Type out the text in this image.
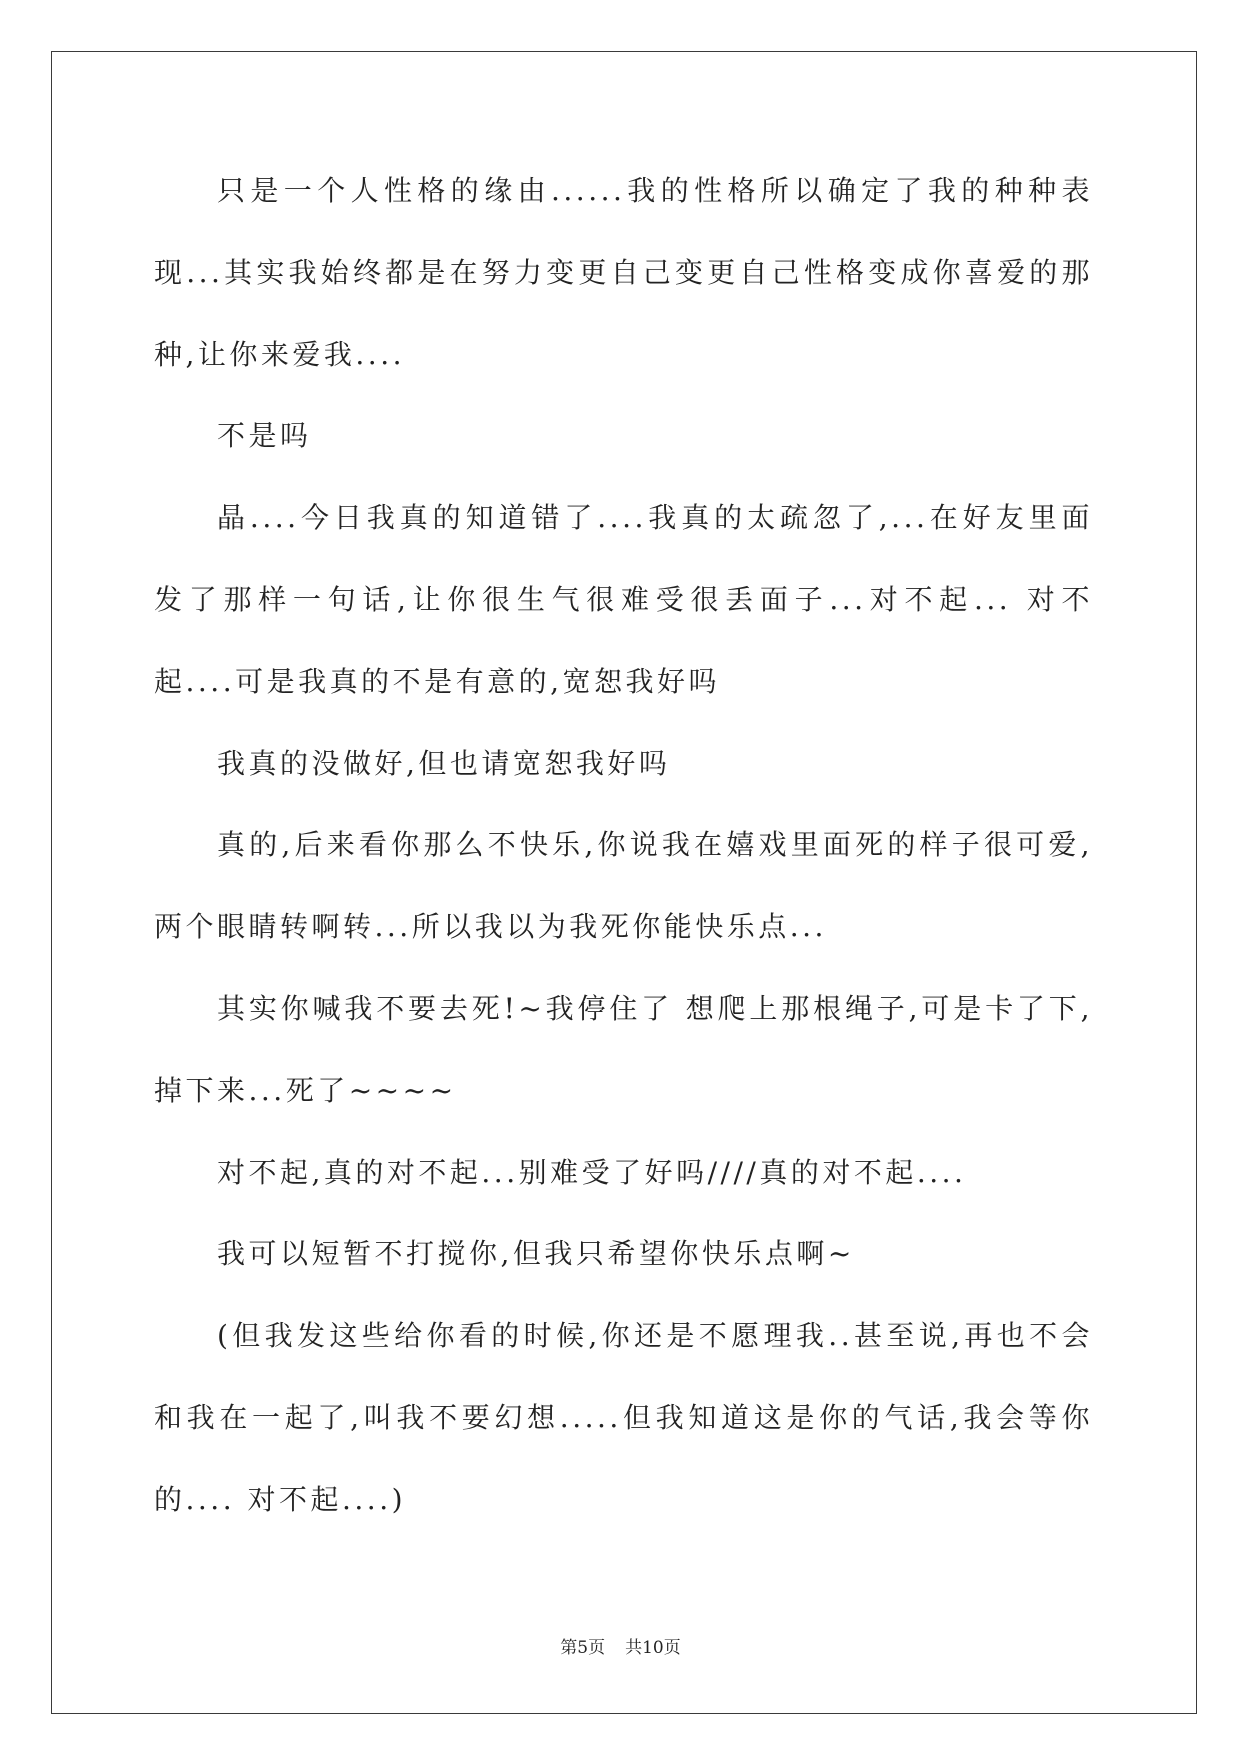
只是一个人性格的缘由......我的性格所以确定了我的种种表
现...其实我始终都是在努力变更自己变更自己性格变成你喜爱的那
种,让你来爱我....
不是吗
晶....今日我真的知道错了....我真的太疏忽了,...在好友里面
发了那样一句话,让你很生气很难受很丢面子...对不起... 对不
起....可是我真的不是有意的,宽恕我好吗
我真的没做好,但也请宽恕我好吗
真的,后来看你那么不快乐,你说我在嬉戏里面死的样子很可爱,
两个眼睛转啊转...所以我以为我死你能快乐点...
其实你喊我不要去死!~我停住了 想爬上那根绳子,可是卡了下,
掉下来...死了~~~~
对不起,真的对不起...别难受了好吗////真的对不起....
我可以短暂不打搅你,但我只希望你快乐点啊~
(但我发这些给你看的时候,你还是不愿理我..甚至说,再也不会
和我在一起了,叫我不要幻想.....但我知道这是你的气话,我会等你
的.... 对不起....)
第5页 共10页
